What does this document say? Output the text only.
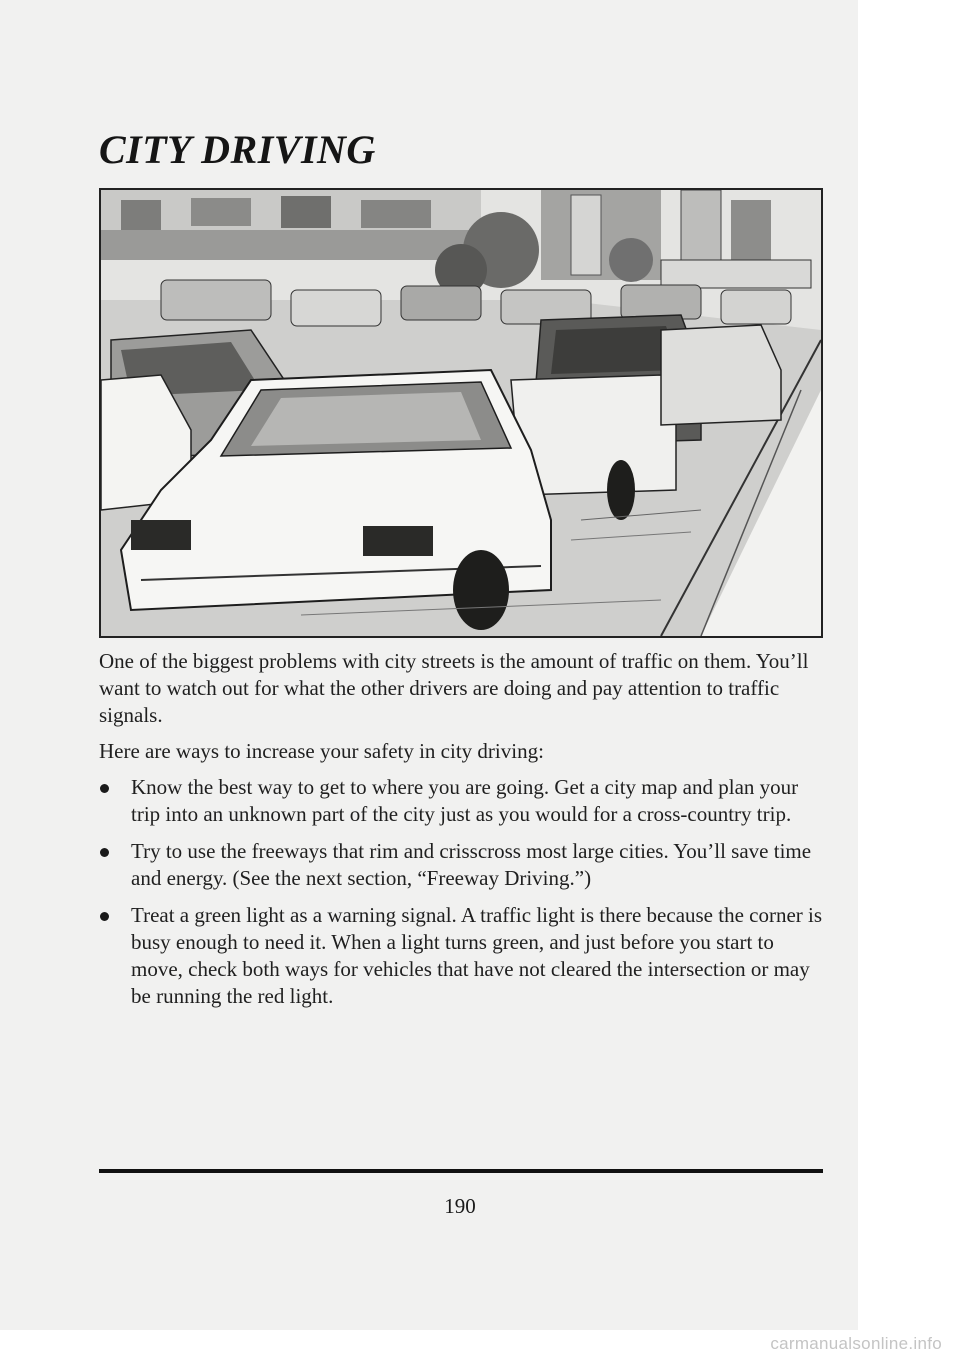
CITY DRIVING

One of the biggest problems with city streets is the amount of traffic on them. You’ll want to watch out for what the other drivers are doing and pay attention to traffic signals.

Here are ways to increase your safety in city driving:

Know the best way to get to where you are going. Get a city map and plan your trip into an unknown part of the city just as you would for a cross-country trip.
Try to use the freeways that rim and crisscross most large cities. You’ll save time and energy. (See the next section, “Freeway Driving.”)
Treat a green light as a warning signal. A traffic light is there because the corner is busy enough to need it. When a light turns green, and just before you start to move, check both ways for vehicles that have not cleared the intersection or may be running the red light.
190
carmanualsonline.info
